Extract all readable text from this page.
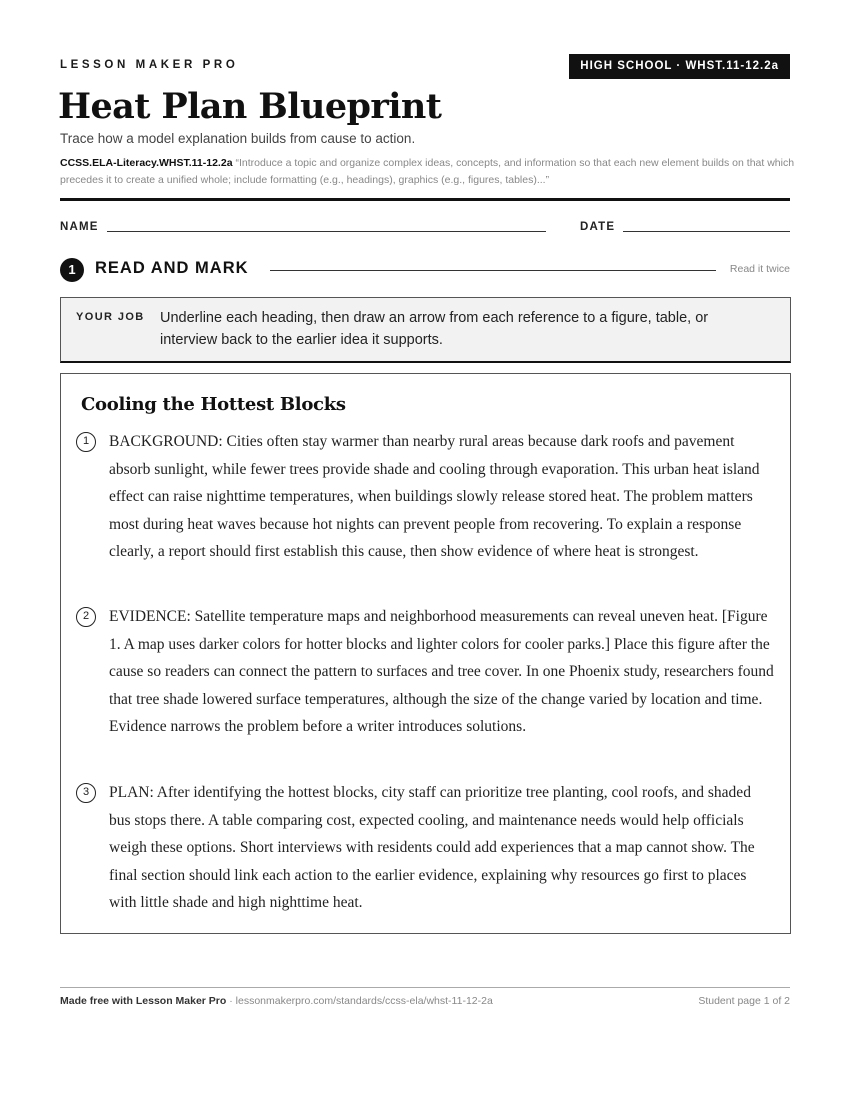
LESSON MAKER PRO	HIGH SCHOOL · WHST.11-12.2a
Heat Plan Blueprint
Trace how a model explanation builds from cause to action.
CCSS.ELA-Literacy.WHST.11-12.2a “Introduce a topic and organize complex ideas, concepts, and information so that each new element builds on that which precedes it to create a unified whole; include formatting (e.g., headings), graphics (e.g., figures, tables)...”
NAME	DATE
1	READ AND MARK	Read it twice
YOUR JOB Underline each heading, then draw an arrow from each reference to a figure, table, or interview back to the earlier idea it supports.
Cooling the Hottest Blocks
1	BACKGROUND: Cities often stay warmer than nearby rural areas because dark roofs and pavement absorb sunlight, while fewer trees provide shade and cooling through evaporation. This urban heat island effect can raise nighttime temperatures, when buildings slowly release stored heat. The problem matters most during heat waves because hot nights can prevent people from recovering. To explain a response clearly, a report should first establish this cause, then show evidence of where heat is strongest.

2	EVIDENCE: Satellite temperature maps and neighborhood measurements can reveal uneven heat. [Figure 1. A map uses darker colors for hotter blocks and lighter colors for cooler parks.] Place this figure after the cause so readers can connect the pattern to surfaces and tree cover. In one Phoenix study, researchers found that tree shade lowered surface temperatures, although the size of the change varied by location and time. Evidence narrows the problem before a writer introduces solutions.

3	PLAN: After identifying the hottest blocks, city staff can prioritize tree planting, cool roofs, and shaded bus stops there. A table comparing cost, expected cooling, and maintenance needs would help officials weigh these options. Short interviews with residents could add experiences that a map cannot show. The final section should link each action to the earlier evidence, explaining why resources go first to places with little shade and high nighttime heat.

Made free with Lesson Maker Pro · lessonmakerpro.com/standards/ccss-ela/whst-11-12-2a	Student page 1 of 2
